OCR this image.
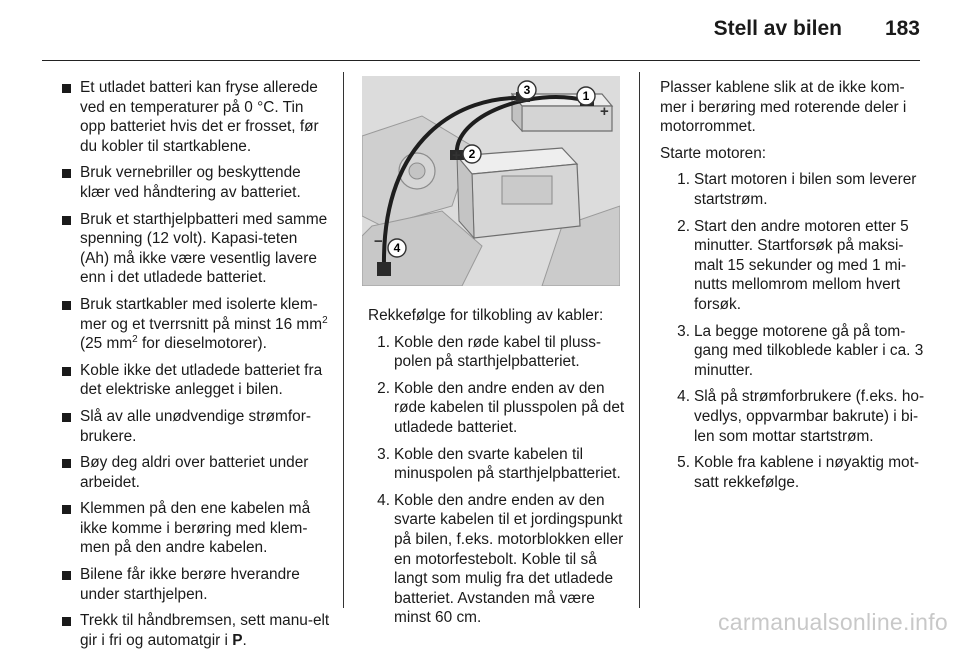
Stell av bilen 183
Et utladet batteri kan fryse allerede ved en temperaturer på 0 °C. Tin opp batteriet hvis det er frosset, før du kobler til startkablene.
Bruk vernebriller og beskyttende klær ved håndtering av batteriet.
Bruk et starthjelpbatteri med samme spenning (12 volt). Kapasi-teten (Ah) må ikke være vesentlig lavere enn i det utladede batteriet.
Bruk startkabler med isolerte klem-mer og et tverrsnitt på minst 16 $mm^2$ (25 $mm^2$ for dieselmotorer).
Koble ikke det utladede batteriet fra det elektriske anlegget i bilen.
Slå av alle unødvendige strømfor-brukere.
Bøy deg aldri over batteriet under arbeidet.
Klemmen på den ene kabelen må ikke komme i berøring med klem-men på den andre kabelen.
Bilene får ikke berøre hverandre under starthjelpen.
Trekk til håndbremsen, sett manu-elt gir i fri og automatgir i P.
1
+
2
+
3
−
4
−

Rekkefølge for tilkobling av kabler:

1. Koble den røde kabel til pluss-polen på starthjelpbatteriet.
2. Koble den andre enden av den røde kabelen til plusspolen på det utladede batteriet.
3. Koble den svarte kabelen til minuspolen på starthjelpbatteriet.
4. Koble den andre enden av den svarte kabelen til et jordingspunkt på bilen, f.eks. motorblokken eller en motorfestebolt. Koble til så langt som mulig fra det utladede batteriet. Avstanden må være minst 60 cm.

Plasser kablene slik at de ikke kom-mer i berøring med roterende deler i motorrommet.

Starte motoren:

1. Start motoren i bilen som leverer startstrøm.
2. Start den andre motoren etter 5 minutter. Startforsøk på maksi-malt 15 sekunder og med 1 mi-nutts mellomrom mellom hvert forsøk.
3. La begge motorene gå på tom-gang med tilkoblede kabler i ca. 3 minutter.
4. Slå på strømforbrukere (f.eks. ho-vedlys, oppvarmbar bakrute) i bi-len som mottar startstrøm.
5. Koble fra kablene i nøyaktig mot-satt rekkefølge.
carmanualsonline.info
